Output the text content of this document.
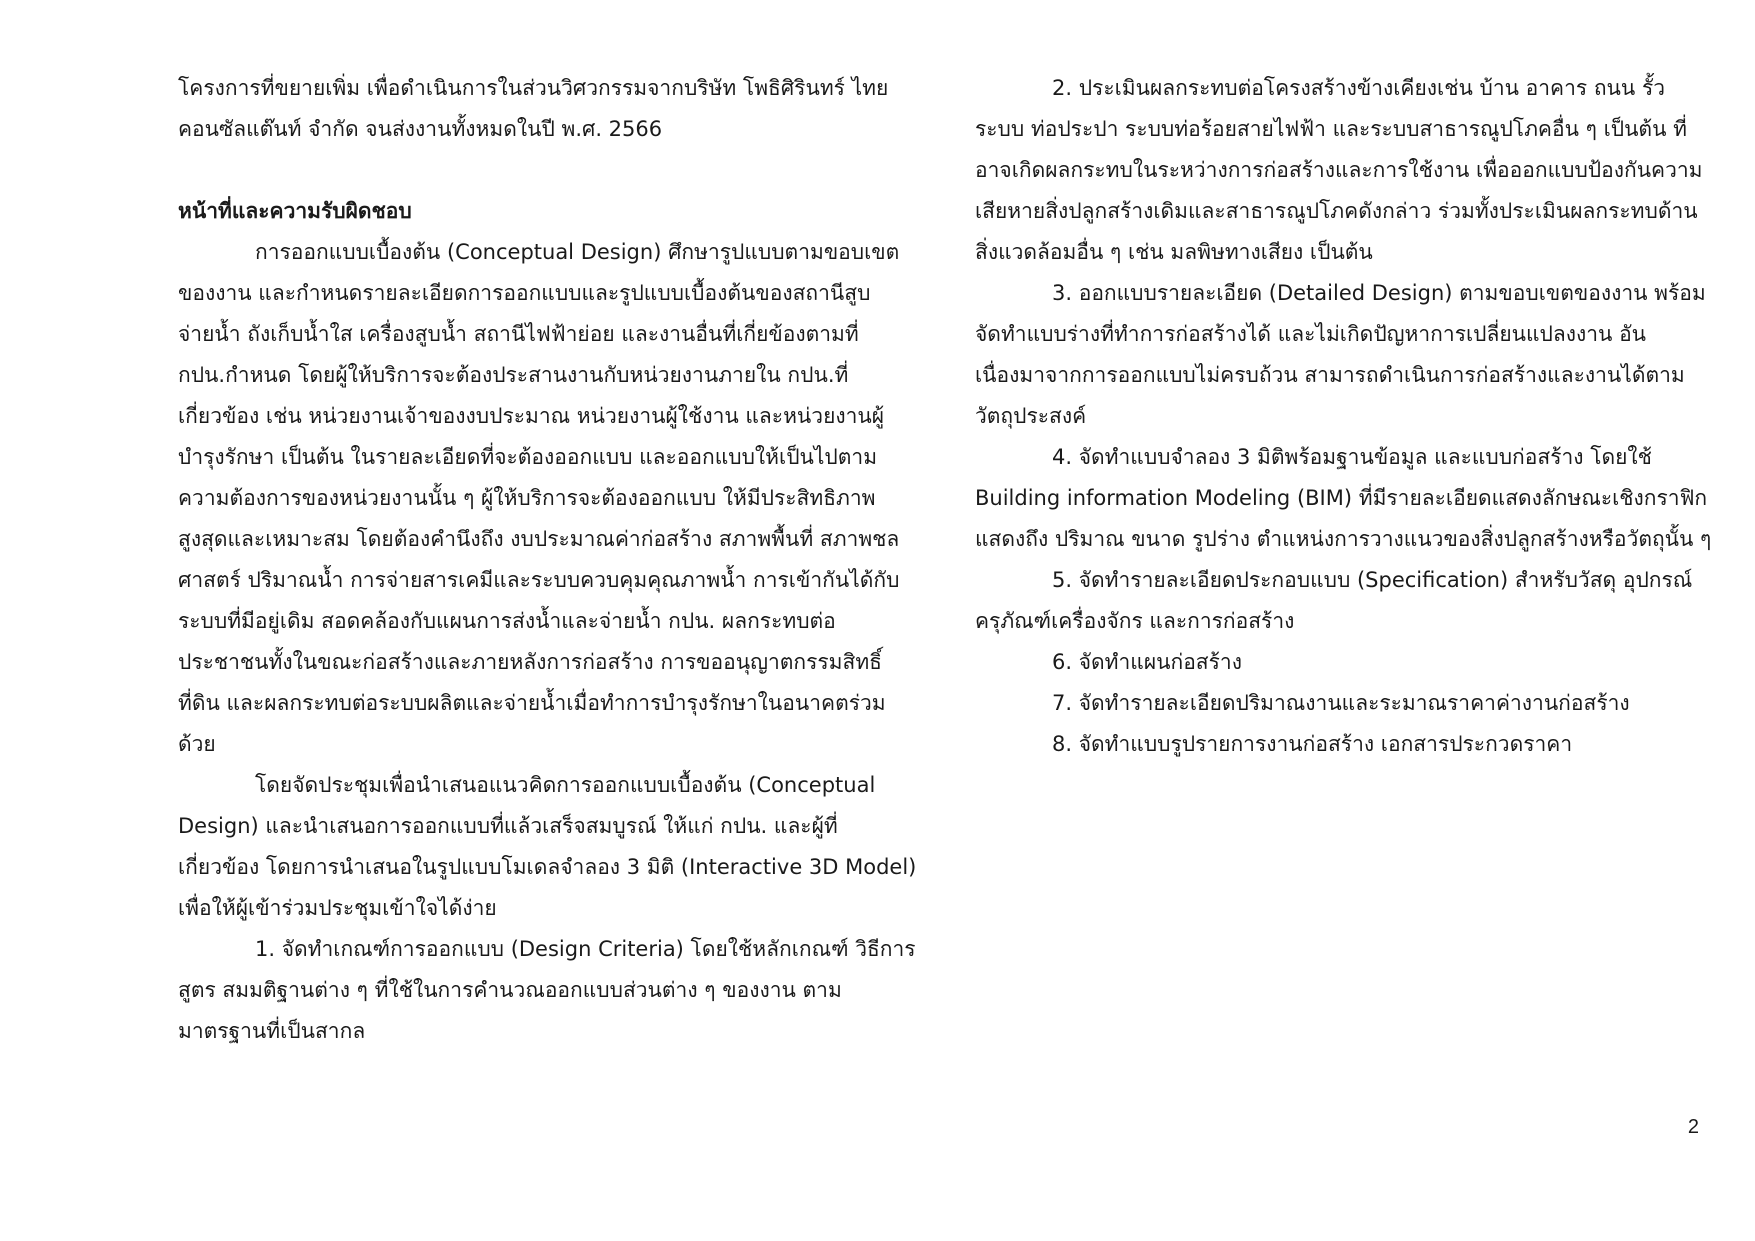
โครงการที่ขยายเพิ่ม เพื่อดำเนินการในส่วนวิศวกรรมจากบริษัท โพธิศิรินทร์ ไทย
คอนซัลแต๊นท์ จำกัด จนส่งงานทั้งหมดในปี พ.ศ. 2566
หน้าที่และความรับผิดชอบ
การออกแบบเบื้องต้น (Conceptual Design) ศึกษารูปแบบตามขอบเขต
ของงาน และกำหนดรายละเอียดการออกแบบและรูปแบบเบื้องต้นของสถานีสูบ
จ่ายน้ำ ถังเก็บน้ำใส เครื่องสูบน้ำ สถานีไฟฟ้าย่อย และงานอื่นที่เกี่ยข้องตามที่
กปน.กำหนด โดยผู้ให้บริการจะต้องประสานงานกับหน่วยงานภายใน กปน.ที่
เกี่ยวข้อง เช่น หน่วยงานเจ้าของงบประมาณ หน่วยงานผู้ใช้งาน และหน่วยงานผู้
บำรุงรักษา เป็นต้น ในรายละเอียดที่จะต้องออกแบบ และออกแบบให้เป็นไปตาม
ความต้องการของหน่วยงานนั้น ๆ ผู้ให้บริการจะต้องออกแบบ ให้มีประสิทธิภาพ
สูงสุดและเหมาะสม โดยต้องคำนึงถึง งบประมาณค่าก่อสร้าง สภาพพื้นที่ สภาพชล
ศาสตร์ ปริมาณน้ำ การจ่ายสารเคมีและระบบควบคุมคุณภาพน้ำ การเข้ากันได้กับ
ระบบที่มีอยู่เดิม สอดคล้องกับแผนการส่งน้ำและจ่ายน้ำ กปน. ผลกระทบต่อ
ประชาชนทั้งในขณะก่อสร้างและภายหลังการก่อสร้าง การขออนุญาตกรรมสิทธิ์
ที่ดิน และผลกระทบต่อระบบผลิตและจ่ายน้ำเมื่อทำการบำรุงรักษาในอนาคตร่วม
ด้วย
โดยจัดประชุมเพื่อนำเสนอแนวคิดการออกแบบเบื้องต้น (Conceptual
Design) และนำเสนอการออกแบบที่แล้วเสร็จสมบูรณ์ ให้แก่ กปน. และผู้ที่
เกี่ยวข้อง โดยการนำเสนอในรูปแบบโมเดลจำลอง 3 มิติ (Interactive 3D Model)
เพื่อให้ผู้เข้าร่วมประชุมเข้าใจได้ง่าย
1. จัดทำเกณฑ์การออกแบบ (Design Criteria) โดยใช้หลักเกณฑ์ วิธีการ
สูตร สมมติฐานต่าง ๆ ที่ใช้ในการคำนวณออกแบบส่วนต่าง ๆ ของงาน ตาม
มาตรฐานที่เป็นสากล
2. ประเมินผลกระทบต่อโครงสร้างข้างเคียงเช่น บ้าน อาคาร ถนน รั้ว
ระบบ ท่อประปา ระบบท่อร้อยสายไฟฟ้า และระบบสาธารณูปโภคอื่น ๆ เป็นต้น ที่
อาจเกิดผลกระทบในระหว่างการก่อสร้างและการใช้งาน เพื่อออกแบบป้องกันความ
เสียหายสิ่งปลูกสร้างเดิมและสาธารณูปโภคดังกล่าว ร่วมทั้งประเมินผลกระทบด้าน
สิ่งแวดล้อมอื่น ๆ เช่น มลพิษทางเสียง เป็นต้น
3. ออกแบบรายละเอียด (Detailed Design) ตามขอบเขตของงาน พร้อม
จัดทำแบบร่างที่ทำการก่อสร้างได้ และไม่เกิดปัญหาการเปลี่ยนแปลงงาน อัน
เนื่องมาจากการออกแบบไม่ครบถ้วน สามารถดำเนินการก่อสร้างและงานได้ตาม
วัตถุประสงค์
4. จัดทำแบบจำลอง 3 มิติพร้อมฐานข้อมูล และแบบก่อสร้าง โดยใช้
Building information Modeling (BIM) ที่มีรายละเอียดแสดงลักษณะเชิงกราฟิก
แสดงถึง ปริมาณ ขนาด รูปร่าง ตำแหน่งการวางแนวของสิ่งปลูกสร้างหรือวัตถุนั้น ๆ
5. จัดทำรายละเอียดประกอบแบบ (Specification) สำหรับวัสดุ อุปกรณ์
ครุภัณฑ์เครื่องจักร และการก่อสร้าง
6. จัดทำแผนก่อสร้าง
7. จัดทำรายละเอียดปริมาณงานและระมาณราคาค่างานก่อสร้าง
8. จัดทำแบบรูปรายการงานก่อสร้าง เอกสารประกวดราคา
2
